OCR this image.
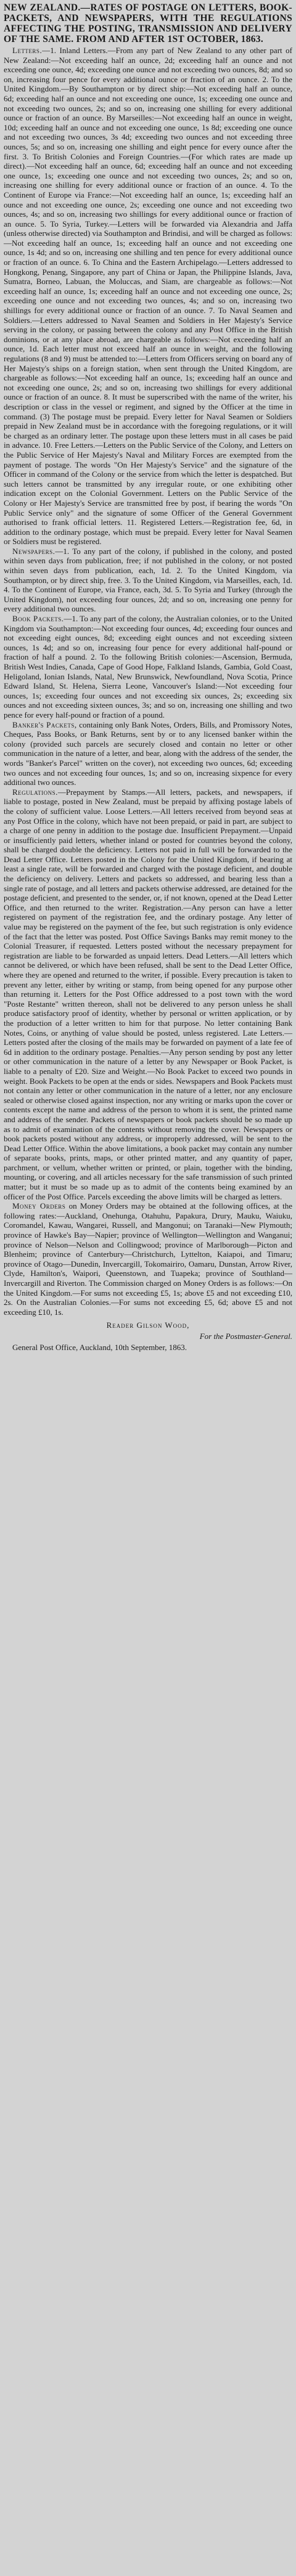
NEW ZEALAND.—RATES OF POSTAGE ON LETTERS, BOOK-PACKETS, AND NEWSPAPERS, WITH THE REGULATIONS AFFECTING THE POSTING, TRANSMISSION AND DELIVERY OF THE SAME. FROM AND AFTER 1ST OCTOBER, 1863.

Letters.—1. Inland Letters.—From any part of New Zealand to any other part of New Zealand:—Not exceeding half an ounce, 2d; exceeding half an ounce and not exceeding one ounce, 4d; exceeding one ounce and not exceeding two ounces, 8d; and so on, increasing four pence for every additional ounce or fraction of an ounce. 2. To the United Kingdom.—By Southampton or by direct ship:—Not exceeding half an ounce, 6d; exceeding half an ounce and not exceeding one ounce, 1s; exceeding one ounce and not exceeding two ounces, 2s; and so on, increasing one shilling for every additional ounce or fraction of an ounce. By Marseilles:—Not exceeding half an ounce in weight, 10d; exceeding half an ounce and not exceeding one ounce, 1s 8d; exceeding one ounce and not exceeding two ounces, 3s 4d; exceeding two ounces and not exceeding three ounces, 5s; and so on, increasing one shilling and eight pence for every ounce after the first. 3. To British Colonies and Foreign Countries.—(For which rates are made up direct).—Not exceeding half an ounce, 6d; exceeding half an ounce and not exceeding one ounce, 1s; exceeding one ounce and not exceeding two ounces, 2s; and so on, increasing one shilling for every additional ounce or fraction of an ounce. 4. To the Continent of Europe via France:—Not exceeding half an ounce, 1s; exceeding half an ounce and not exceeding one ounce, 2s; exceeding one ounce and not exceeding two ounces, 4s; and so on, increasing two shillings for every additional ounce or fraction of an ounce. 5. To Syria, Turkey.—Letters will be forwarded via Alexandria and Jaffa (unless otherwise directed) via Southampton and Brindisi, and will be charged as follows:—Not exceeding half an ounce, 1s; exceeding half an ounce and not exceeding one ounce, 1s 4d; and so on, increasing one shilling and ten pence for every additional ounce or fraction of an ounce. 6. To China and the Eastern Archipelago.—Letters addressed to Hongkong, Penang, Singapore, any part of China or Japan, the Philippine Islands, Java, Sumatra, Borneo, Labuan, the Moluccas, and Siam, are chargeable as follows:—Not exceeding half an ounce, 1s; exceeding half an ounce and not exceeding one ounce, 2s; exceeding one ounce and not exceeding two ounces, 4s; and so on, increasing two shillings for every additional ounce or fraction of an ounce. 7. To Naval Seamen and Soldiers.—Letters addressed to Naval Seamen and Soldiers in Her Majesty's Service serving in the colony, or passing between the colony and any Post Office in the British dominions, or at any place abroad, are chargeable as follows:—Not exceeding half an ounce, 1d. Each letter must not exceed half an ounce in weight, and the following regulations (8 and 9) must be attended to:—Letters from Officers serving on board any of Her Majesty's ships on a foreign station, when sent through the United Kingdom, are chargeable as follows:—Not exceeding half an ounce, 1s; exceeding half an ounce and not exceeding one ounce, 2s; and so on, increasing two shillings for every additional ounce or fraction of an ounce. 8. It must be superscribed with the name of the writer, his description or class in the vessel or regiment, and signed by the Officer at the time in command. (3) The postage must be prepaid. Every letter for Naval Seamen or Soldiers prepaid in New Zealand must be in accordance with the foregoing regulations, or it will be charged as an ordinary letter. The postage upon these letters must in all cases be paid in advance. 10. Free Letters.—Letters on the Public Service of the Colony, and Letters on the Public Service of Her Majesty's Naval and Military Forces are exempted from the payment of postage. The words "On Her Majesty's Service" and the signature of the Officer in command of the Colony or the service from which the letter is despatched. But such letters cannot be transmitted by any irregular route, or one exhibiting other indication except on the Colonial Government. Letters on the Public Service of the Colony or Her Majesty's Service are transmitted free by post, if bearing the words "On Public Service only" and the signature of some Officer of the General Government authorised to frank official letters. 11. Registered Letters.—Registration fee, 6d, in addition to the ordinary postage, which must be prepaid. Every letter for Naval Seamen or Soldiers must be registered.

Newspapers.—1. To any part of the colony, if published in the colony, and posted within seven days from publication, free; if not published in the colony, or not posted within seven days from publication, each, 1d. 2. To the United Kingdom, via Southampton, or by direct ship, free. 3. To the United Kingdom, via Marseilles, each, 1d. 4. To the Continent of Europe, via France, each, 3d. 5. To Syria and Turkey (through the United Kingdom), not exceeding four ounces, 2d; and so on, increasing one penny for every additional two ounces.

Book Packets.—1. To any part of the colony, the Australian colonies, or to the United Kingdom via Southampton:—Not exceeding four ounces, 4d; exceeding four ounces and not exceeding eight ounces, 8d; exceeding eight ounces and not exceeding sixteen ounces, 1s 4d; and so on, increasing four pence for every additional half-pound or fraction of half a pound. 2. To the following British colonies:—Ascension, Bermuda, British West Indies, Canada, Cape of Good Hope, Falkland Islands, Gambia, Gold Coast, Heligoland, Ionian Islands, Natal, New Brunswick, Newfoundland, Nova Scotia, Prince Edward Island, St. Helena, Sierra Leone, Vancouver's Island:—Not exceeding four ounces, 1s; exceeding four ounces and not exceeding six ounces, 2s; exceeding six ounces and not exceeding sixteen ounces, 3s; and so on, increasing one shilling and two pence for every half-pound or fraction of a pound.

Banker's Packets, containing only Bank Notes, Orders, Bills, and Promissory Notes, Cheques, Pass Books, or Bank Returns, sent by or to any licensed banker within the colony (provided such parcels are securely closed and contain no letter or other communication in the nature of a letter, and bear, along with the address of the sender, the words "Banker's Parcel" written on the cover), not exceeding two ounces, 6d; exceeding two ounces and not exceeding four ounces, 1s; and so on, increasing sixpence for every additional two ounces.

Regulations.—Prepayment by Stamps.—All letters, packets, and newspapers, if liable to postage, posted in New Zealand, must be prepaid by affixing postage labels of the colony of sufficient value. Loose Letters.—All letters received from beyond seas at any Post Office in the colony, which have not been prepaid, or paid in part, are subject to a charge of one penny in addition to the postage due. Insufficient Prepayment.—Unpaid or insufficiently paid letters, whether inland or posted for countries beyond the colony, shall be charged double the deficiency. Letters not paid in full will be forwarded to the Dead Letter Office. Letters posted in the Colony for the United Kingdom, if bearing at least a single rate, will be forwarded and charged with the postage deficient, and double the deficiency on delivery. Letters and packets so addressed, and bearing less than a single rate of postage, and all letters and packets otherwise addressed, are detained for the postage deficient, and presented to the sender, or, if not known, opened at the Dead Letter Office, and then returned to the writer. Registration.—Any person can have a letter registered on payment of the registration fee, and the ordinary postage. Any letter of value may be registered on the payment of the fee, but such registration is only evidence of the fact that the letter was posted. Post Office Savings Banks may remit money to the Colonial Treasurer, if requested. Letters posted without the necessary prepayment for registration are liable to be forwarded as unpaid letters. Dead Letters.—All letters which cannot be delivered, or which have been refused, shall be sent to the Dead Letter Office, where they are opened and returned to the writer, if possible. Every precaution is taken to prevent any letter, either by writing or stamp, from being opened for any purpose other than returning it. Letters for the Post Office addressed to a post town with the word "Poste Restante" written thereon, shall not be delivered to any person unless he shall produce satisfactory proof of identity, whether by personal or written application, or by the production of a letter written to him for that purpose. No letter containing Bank Notes, Coins, or anything of value should be posted, unless registered. Late Letters.—Letters posted after the closing of the mails may be forwarded on payment of a late fee of 6d in addition to the ordinary postage. Penalties.—Any person sending by post any letter or other communication in the nature of a letter by any Newspaper or Book Packet, is liable to a penalty of £20. Size and Weight.—No Book Packet to exceed two pounds in weight. Book Packets to be open at the ends or sides. Newspapers and Book Packets must not contain any letter or other communication in the nature of a letter, nor any enclosure sealed or otherwise closed against inspection, nor any writing or marks upon the cover or contents except the name and address of the person to whom it is sent, the printed name and address of the sender. Packets of newspapers or book packets should be so made up as to admit of examination of the contents without removing the cover. Newspapers or book packets posted without any address, or improperly addressed, will be sent to the Dead Letter Office. Within the above limitations, a book packet may contain any number of separate books, prints, maps, or other printed matter, and any quantity of paper, parchment, or vellum, whether written or printed, or plain, together with the binding, mounting, or covering, and all articles necessary for the safe transmission of such printed matter; but it must be so made up as to admit of the contents being examined by an officer of the Post Office. Parcels exceeding the above limits will be charged as letters.

Money Orders on Money Orders may be obtained at the following offices, at the following rates:—Auckland, Onehunga, Otahuhu, Papakura, Drury, Mauku, Waiuku, Coromandel, Kawau, Wangarei, Russell, and Mangonui; on Taranaki—New Plymouth; province of Hawke's Bay—Napier; province of Wellington—Wellington and Wanganui; province of Nelson—Nelson and Collingwood; province of Marlborough—Picton and Blenheim; province of Canterbury—Christchurch, Lyttelton, Kaiapoi, and Timaru; province of Otago—Dunedin, Invercargill, Tokomairiro, Oamaru, Dunstan, Arrow River, Clyde, Hamilton's, Waipori, Queenstown, and Tuapeka; province of Southland—Invercargill and Riverton. The Commission charged on Money Orders is as follows:—On the United Kingdom.—For sums not exceeding £5, 1s; above £5 and not exceeding £10, 2s. On the Australian Colonies.—For sums not exceeding £5, 6d; above £5 and not exceeding £10, 1s.

Reader Gilson Wood,

For the Postmaster-General.

General Post Office, Auckland, 10th September, 1863.
